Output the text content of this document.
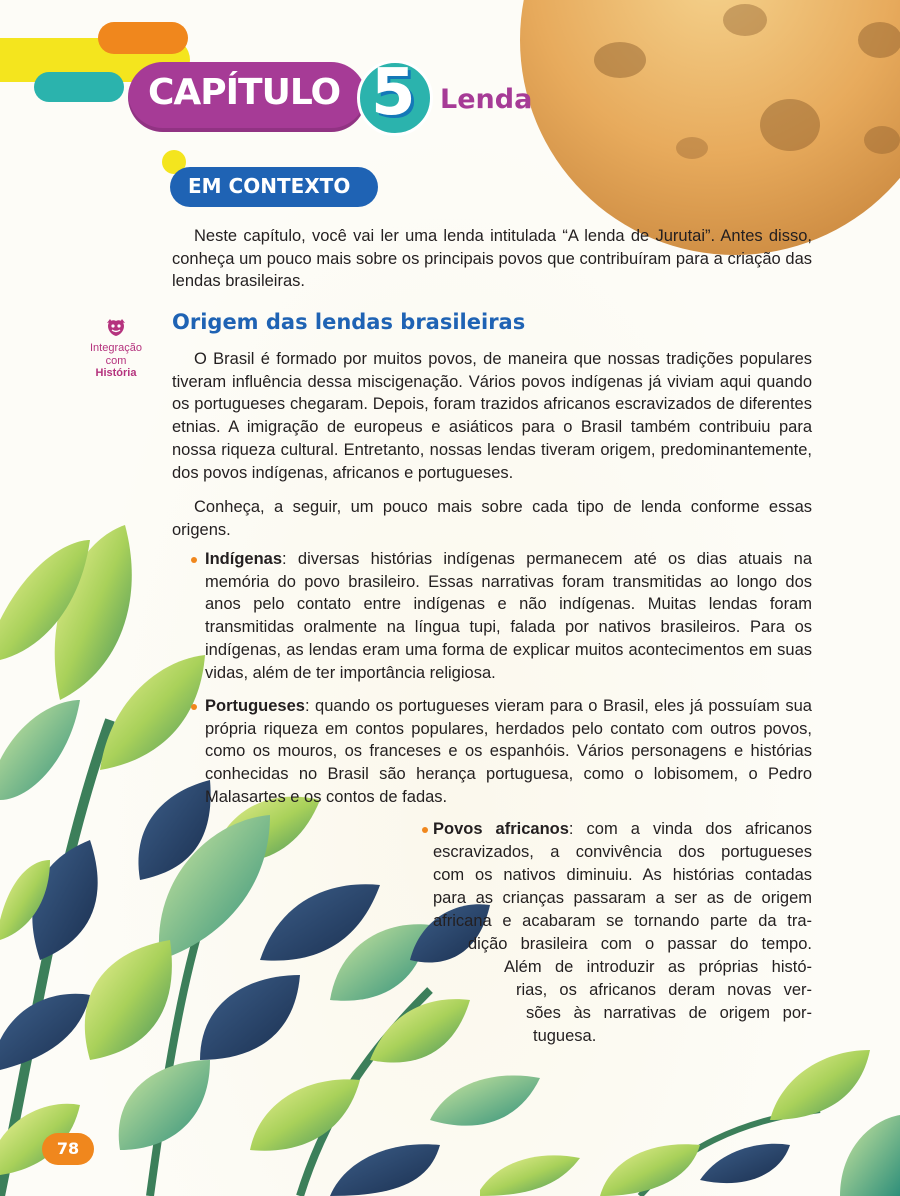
CAPÍTULO 5 Lenda
EM CONTEXTO
Neste capítulo, você vai ler uma lenda intitulada “A lenda de Jurutai”. Antes disso, conheça um pouco mais sobre os principais povos que contribuíram para a criação das lendas brasileiras.
Integração
com
História
Origem das lendas brasileiras
O Brasil é formado por muitos povos, de maneira que nossas tradições populares tiveram influência dessa miscigenação. Vários povos indígenas já viviam aqui quando os portugueses chegaram. Depois, foram trazidos africanos escravizados de diferentes etnias. A imigração de europeus e asiáticos para o Brasil também contribuiu para nossa riqueza cultural. Entretanto, nossas lendas tiveram origem, predominantemente, dos povos indígenas, africanos e portugueses.
Conheça, a seguir, um pouco mais sobre cada tipo de lenda conforme essas origens.
Indígenas: diversas histórias indígenas permanecem até os dias atuais na memória do povo brasileiro. Essas narrativas foram transmitidas ao longo dos anos pelo contato entre indígenas e não indígenas. Muitas lendas foram transmitidas oralmente na língua tupi, falada por nativos brasileiros. Para os indígenas, as lendas eram uma forma de explicar muitos acontecimentos em suas vidas, além de ter importância religiosa.
Portugueses: quando os portugueses vieram para o Brasil, eles já possuíam sua própria riqueza em contos populares, herdados pelo contato com outros povos, como os mouros, os franceses e os espanhóis. Vários personagens e histórias conhecidas no Brasil são herança portuguesa, como o lobisomem, o Pedro Malasartes e os contos de fadas.
Povos africanos: com a vinda dos africanos
escravizados, a convivência dos portugueses
com os nativos diminuiu. As histórias contadas
para as crianças passaram a ser as de origem
africana e acabaram se tornando parte da tra-
dição brasileira com o passar do tempo.
Além de introduzir as próprias histó-
rias, os africanos deram novas ver-
sões às narrativas de origem por-
tuguesa.
78
